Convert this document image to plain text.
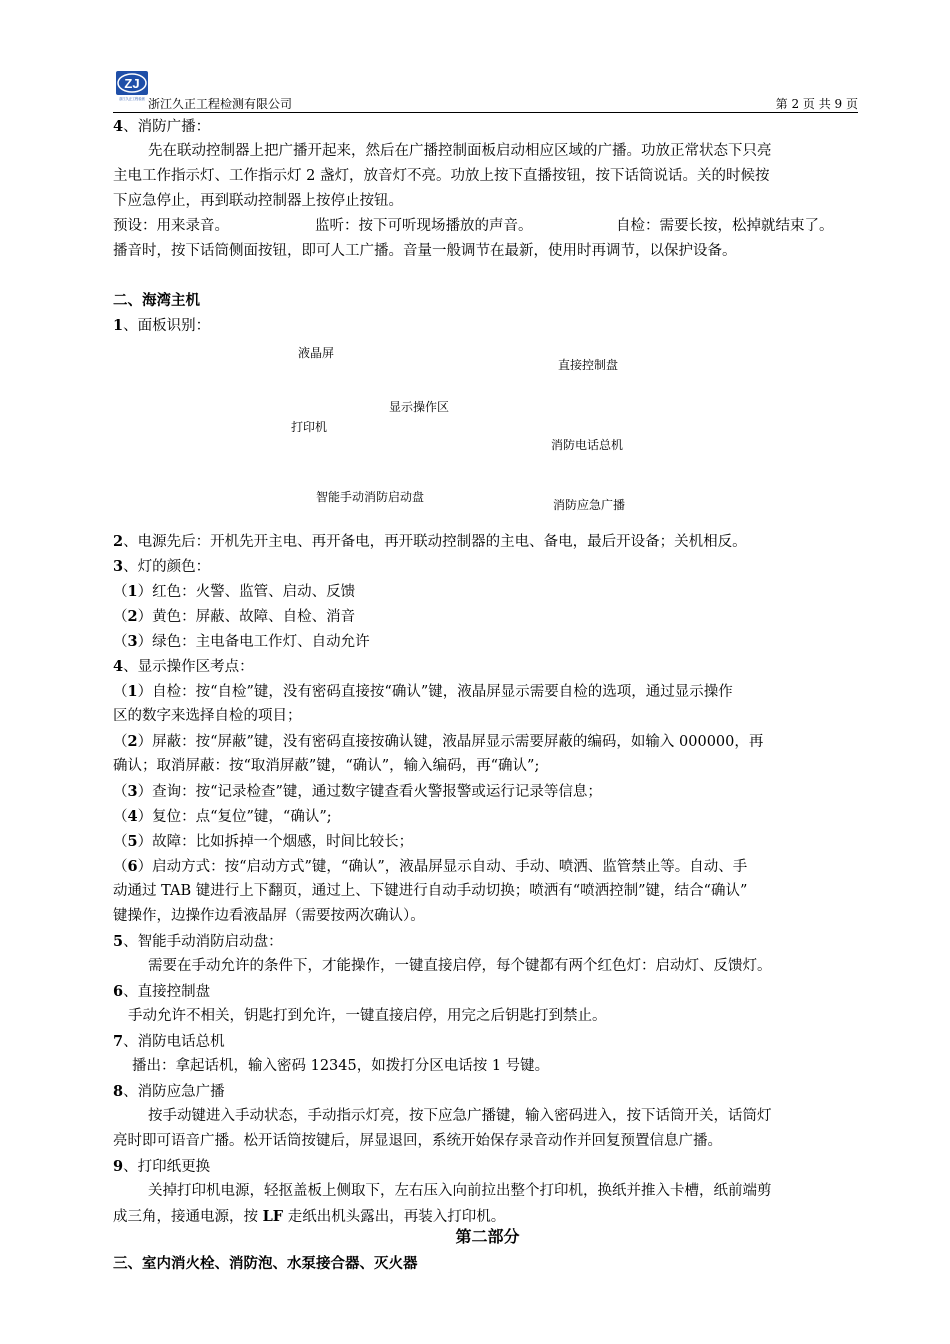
ZJ
浙江久正工程检测 浙江久正工程检测有限公司	第 2 页 共 9 页
4、消防广播：
先在联动控制器上把广播开起来，然后在广播控制面板启动相应区域的广播。功放正常状态下只亮
主电工作指示灯、工作指示灯 2 盏灯，放音灯不亮。功放上按下直播按钮，按下话筒说话。关的时候按
下应急停止，再到联动控制器上按停止按钮。
预设：用来录音。	监听：按下可听现场播放的声音。	自检：需要长按，松掉就结束了。
播音时，按下话筒侧面按钮，即可人工广播。音量一般调节在最新，使用时再调节，以保护设备。
二、海湾主机
1、面板识别：
液晶屏
直接控制盘
显示操作区
打印机
消防电话总机
智能手动消防启动盘
消防应急广播
2、电源先后：开机先开主电、再开备电，再开联动控制器的主电、备电，最后开设备；关机相反。
3、灯的颜色：
（1）红色：火警、监管、启动、反馈
（2）黄色：屏蔽、故障、自检、消音
（3）绿色：主电备电工作灯、自动允许
4、显示操作区考点：
（1）自检：按“自检”键，没有密码直接按“确认”键，液晶屏显示需要自检的选项，通过显示操作
区的数字来选择自检的项目；
（2）屏蔽：按“屏蔽”键，没有密码直接按确认键，液晶屏显示需要屏蔽的编码，如输入 000000，再
确认；取消屏蔽：按“取消屏蔽”键，“确认”，输入编码，再“确认”;
（3）查询：按“记录检查”键，通过数字键查看火警报警或运行记录等信息；
（4）复位：点“复位”键，“确认”;
（5）故障：比如拆掉一个烟感，时间比较长；
（6）启动方式：按“启动方式”键，“确认”，液晶屏显示自动、手动、喷洒、监管禁止等。自动、手
动通过 TAB 键进行上下翻页，通过上、下键进行自动手动切换；喷洒有“喷洒控制”键，结合“确认”
键操作，边操作边看液晶屏（需要按两次确认）。
5、智能手动消防启动盘：
需要在手动允许的条件下，才能操作，一键直接启停，每个键都有两个红色灯：启动灯、反馈灯。
6、直接控制盘
手动允许不相关，钥匙打到允许，一键直接启停，用完之后钥匙打到禁止。
7、消防电话总机
播出：拿起话机，输入密码 12345，如拨打分区电话按 1 号键。
8、消防应急广播
按手动键进入手动状态，手动指示灯亮，按下应急广播键，输入密码进入，按下话筒开关，话筒灯
亮时即可语音广播。松开话筒按键后，屏显退回，系统开始保存录音动作并回复预置信息广播。
9、打印纸更换
关掉打印机电源，轻抠盖板上侧取下，左右压入向前拉出整个打印机，换纸并推入卡槽，纸前端剪
成三角，接通电源，按 LF 走纸出机头露出，再装入打印机。
第二部分
三、室内消火栓、消防泡、水泵接合器、灭火器
